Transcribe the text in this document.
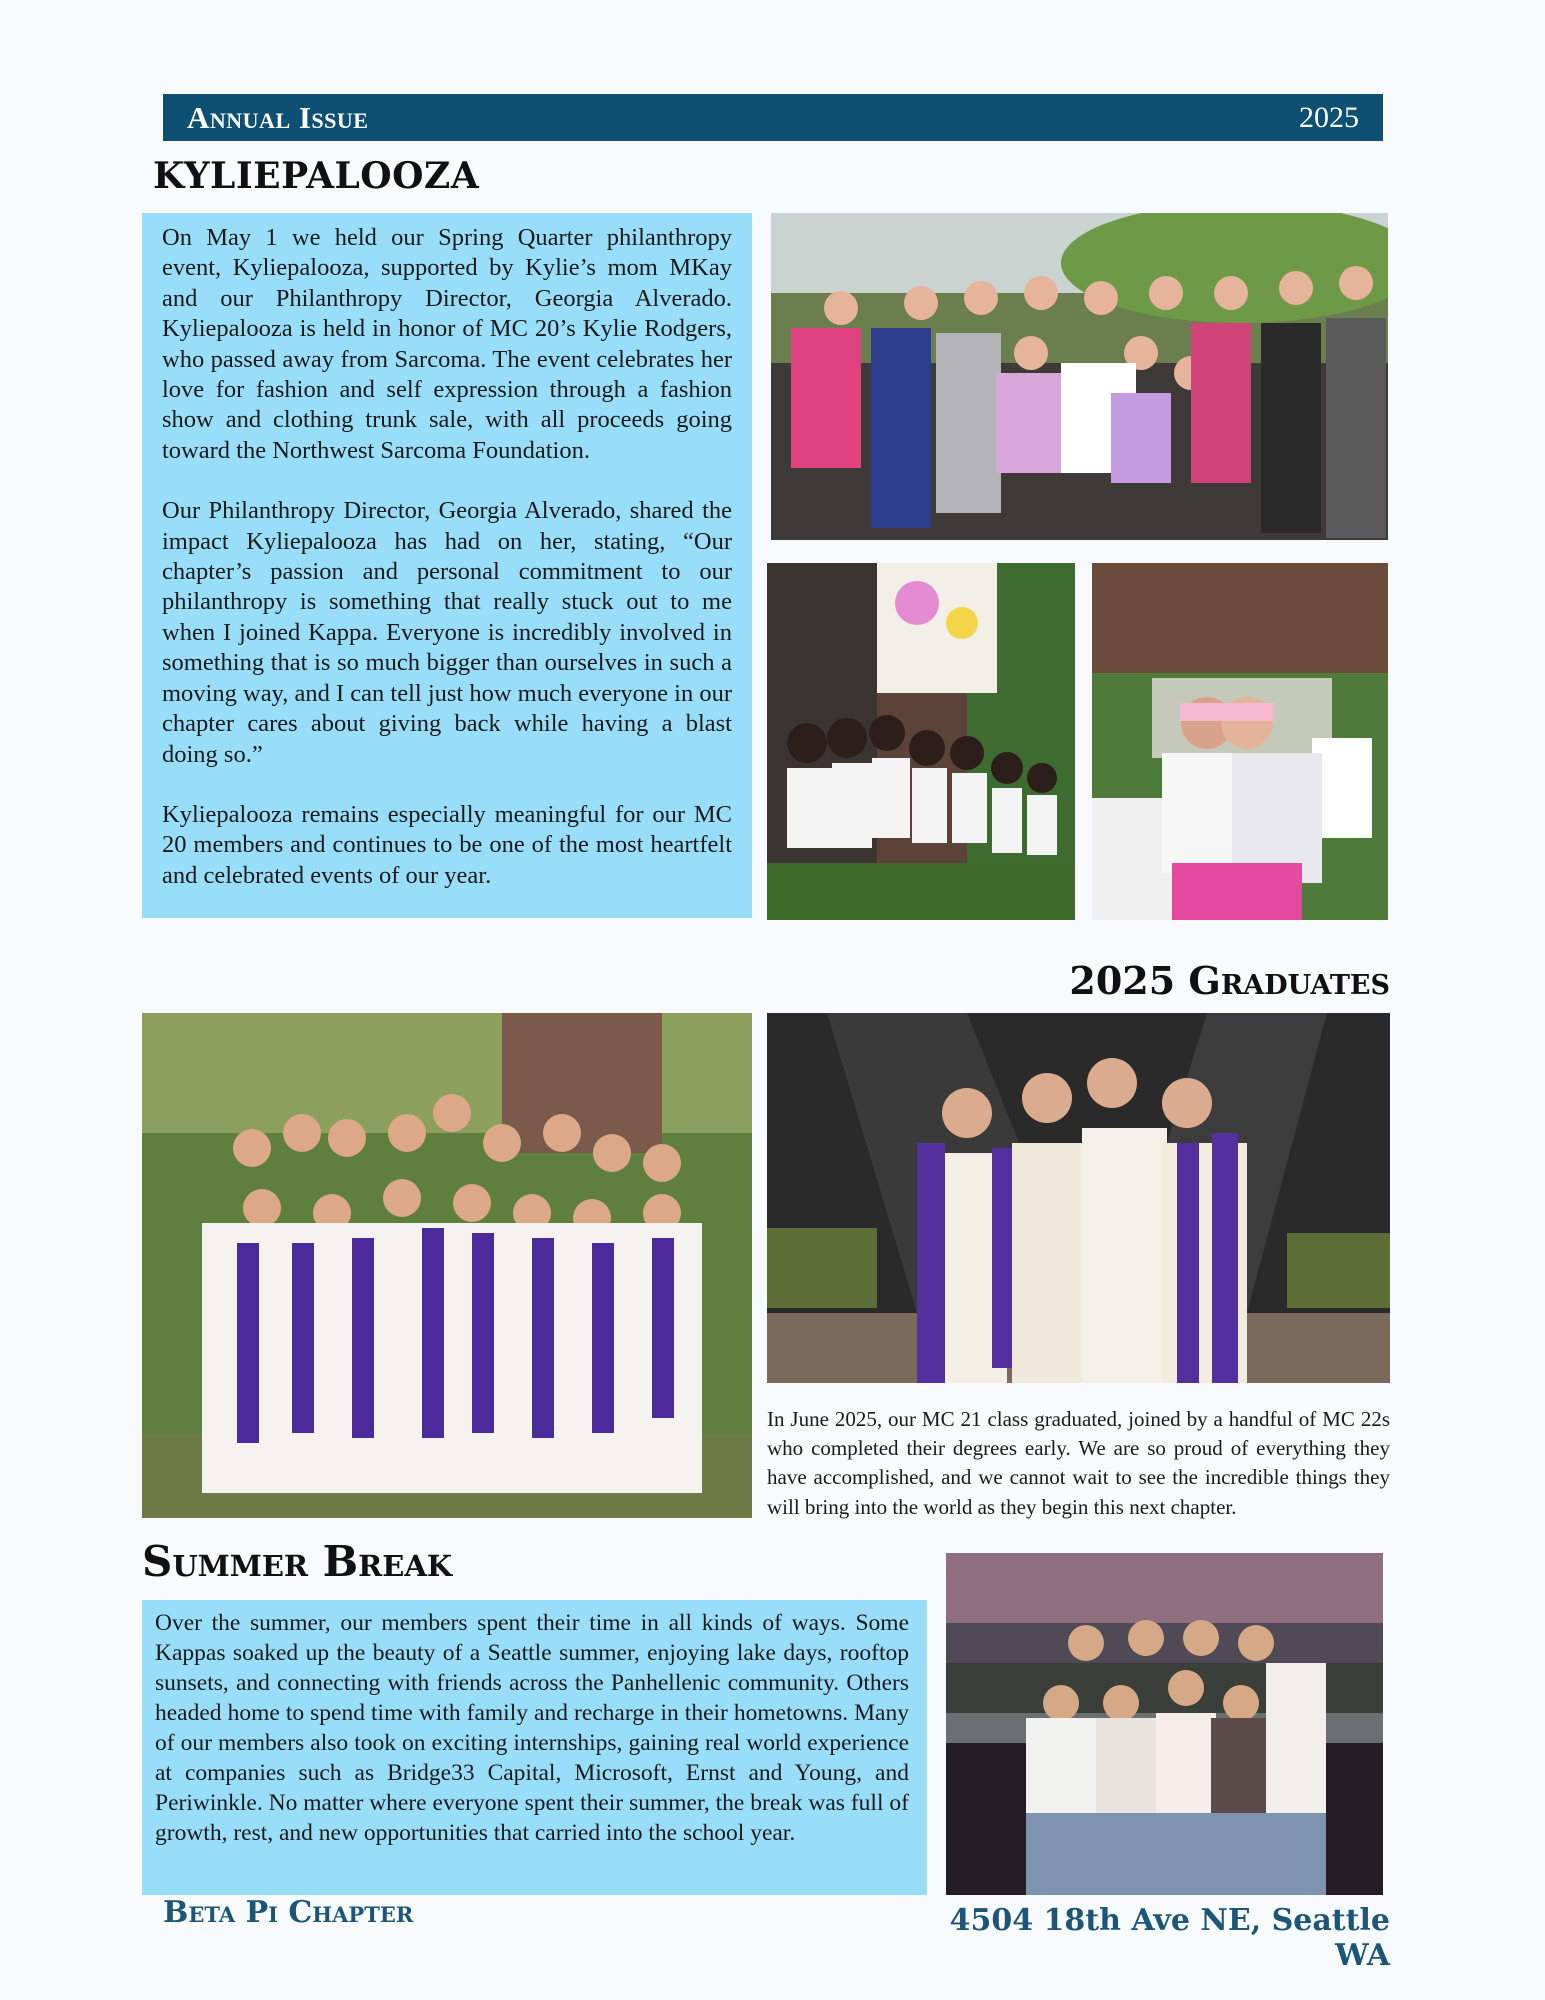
Annual Issue	2025
KYLIEPALOOZA

On May 1 we held our Spring Quarter philanthropy event, Kyliepalooza, supported by Kylie’s mom MKay and our Philanthropy Director, Georgia Alverado. Kyliepalooza is held in honor of MC 20’s Kylie Rodgers, who passed away from Sarcoma. The event celebrates her love for fashion and self expression through a fashion show and clothing trunk sale, with all proceeds going toward the Northwest Sarcoma Foundation.

Our Philanthropy Director, Georgia Alverado, shared the impact Kyliepalooza has had on her, stating, “Our chapter’s passion and personal commitment to our philanthropy is something that really stuck out to me when I joined Kappa. Everyone is incredibly involved in something that is so much bigger than ourselves in such a moving way, and I can tell just how much everyone in our chapter cares about giving back while having a blast doing so.”

Kyliepalooza remains especially meaningful for our MC 20 members and continues to be one of the most heartfelt and celebrated events of our year.

2025 Graduates
In June 2025, our MC 21 class graduated, joined by a handful of MC 22s who completed their degrees early. We are so proud of everything they have accomplished, and we cannot wait to see the incredible things they will bring into the world as they begin this next chapter.
Summer Break
Over the summer, our members spent their time in all kinds of ways. Some Kappas soaked up the beauty of a Seattle summer, enjoying lake days, rooftop sunsets, and connecting with friends across the Panhellenic community. Others headed home to spend time with family and recharge in their hometowns. Many of our members also took on exciting internships, gaining real world experience at companies such as Bridge33 Capital, Microsoft, Ernst and Young, and Periwinkle. No matter where everyone spent their summer, the break was full of growth, rest, and new opportunities that carried into the school year.
Beta Pi Chapter	4504 18th Ave NE, Seattle WA
